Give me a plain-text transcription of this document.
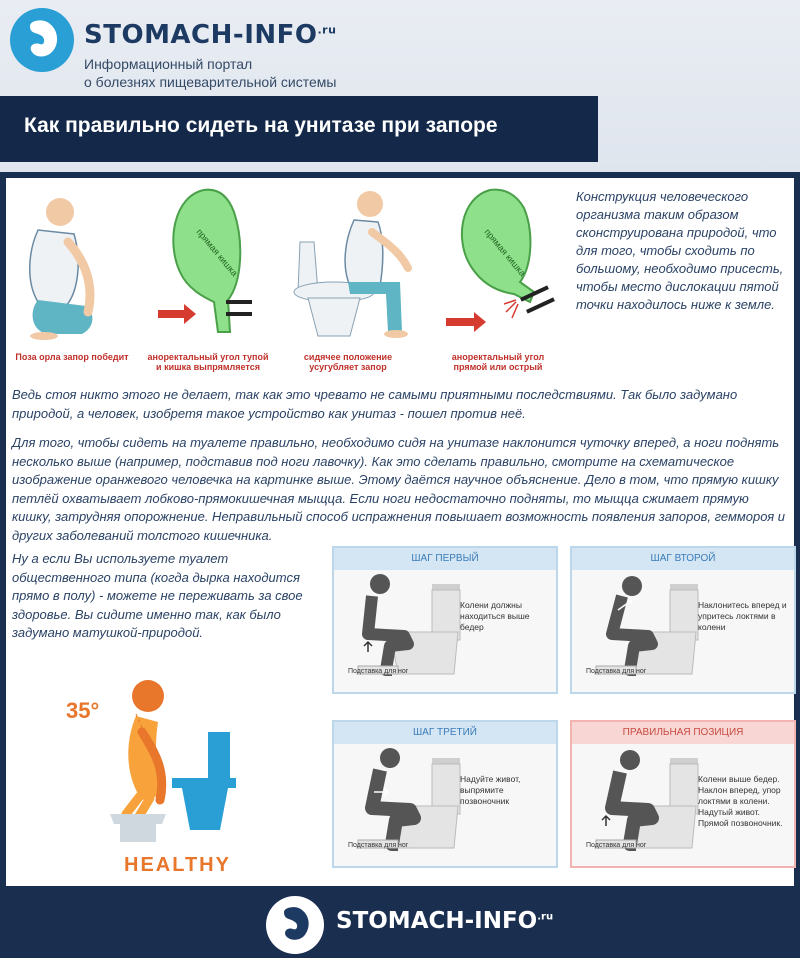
STOMACH-$INFO^{.ru}$
Информационный портал
о болезнях пищеварительной системы
Как правильно сидеть на унитазе при запоре
Поза орла запор победит
прямая кишка
аноректальный угол тупой и кишка выпрямляется
сидячее положение усугубляет запор
прямая кишка
аноректальный угол прямой или острый
Конструкция человеческого организма таким образом сконструирована природой, что для того, чтобы сходить по большому, необходимо присесть, чтобы место дислокации пятой точки находилось ниже к земле.
Ведь стоя никто этого не делает, так как это чревато не самыми приятными последствиями. Так было задумано природой, а человек, изобретя такое устройство как унитаз - пошел против неё.
Для того, чтобы сидеть на туалете правильно, необходимо сидя на унитазе наклонится чуточку вперед, а ноги поднять несколько выше (например, подставив под ноги лавочку). Как это сделать правильно, смотрите на схематическое изображение оранжевого человечка на картинке выше. Этому даётся научное объяснение. Дело в том, что прямую кишку петлёй охватывает лобково-прямокишечная мыщца. Если ноги недостаточно подняты, то мыщца сжимает прямую кишку, затрудняя опорожнение. Неправильный способ испражнения повышает возможность появления запоров, геммороя и других заболеваний толстого кишечника.
Ну а если Вы используете туалет общественного типа (когда дырка находится прямо в полу) - можете не переживать за свое здоровье. Вы сидите именно так, как было задумано матушкой-природой.
35°
HEALTHY
ШАГ ПЕРВЫЙ
Колени должны находиться выше бедер
Подставка для ног
ШАГ ВТОРОЙ
Наклонитесь вперед и упритесь локтями в колени
Подставка для ног
ШАГ ТРЕТИЙ
Надуйте живот, выпрямите позвоночник
Подставка для ног
ПРАВИЛЬНАЯ ПОЗИЦИЯ
Колени выше бедер. Наклон вперед, упор локтями в колени. Надутый живот. Прямой позвоночник.
Подставка для ног
STOMACH-$INFO^{.ru}$
